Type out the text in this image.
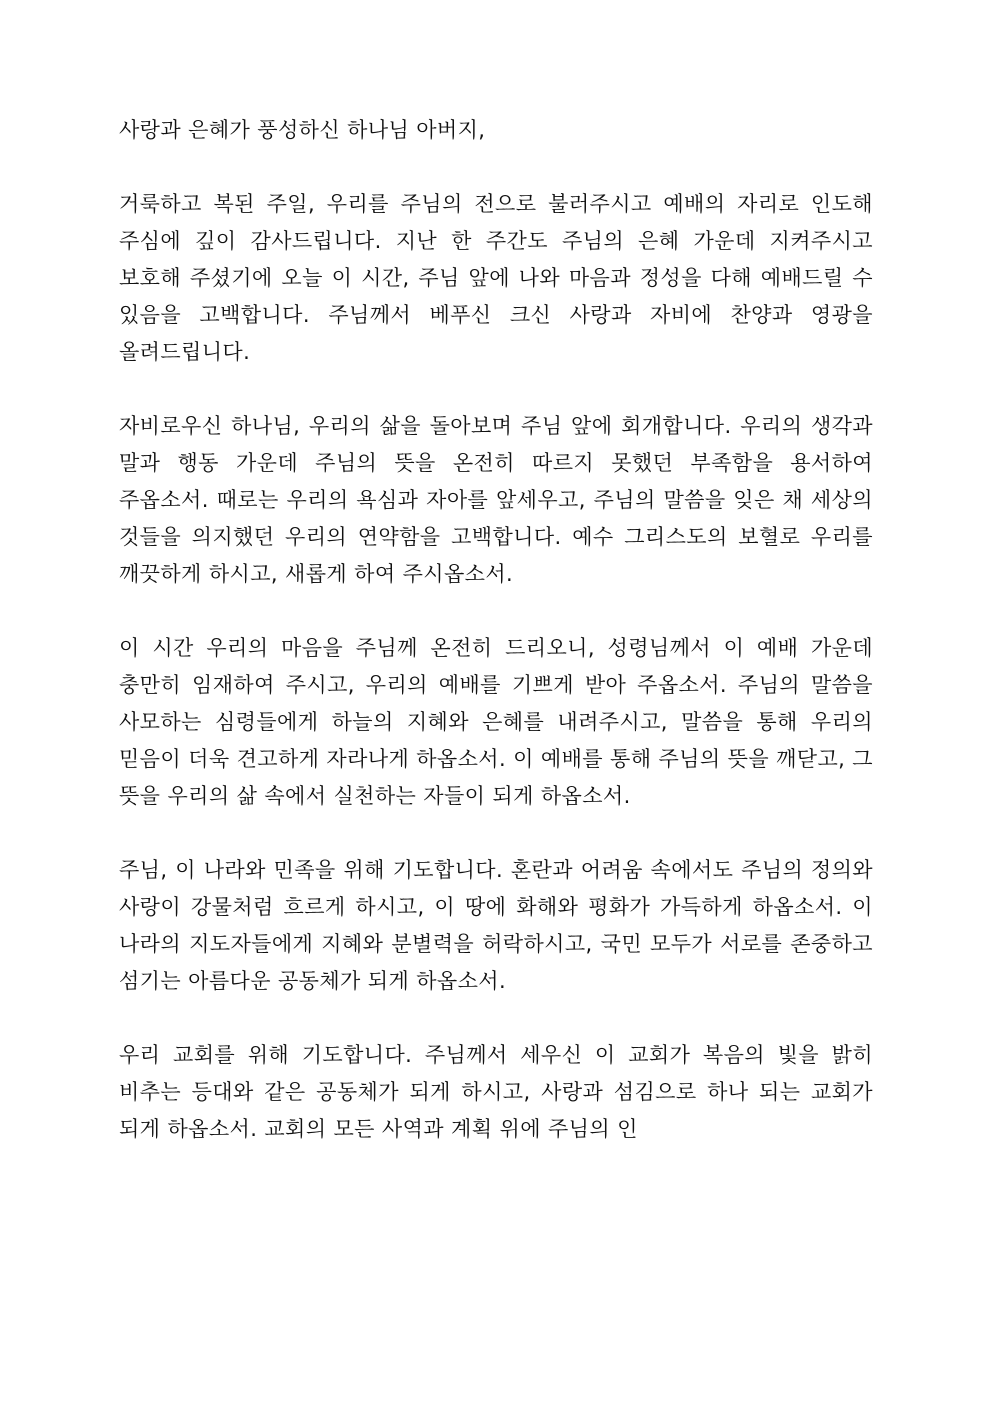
사랑과 은혜가 풍성하신 하나님 아버지,

거룩하고 복된 주일, 우리를 주님의 전으로 불러주시고 예배의 자리로 인도해 주심에 깊이 감사드립니다. 지난 한 주간도 주님의 은혜 가운데 지켜주시고 보호해 주셨기에 오늘 이 시간, 주님 앞에 나와 마음과 정성을 다해 예배드릴 수 있음을 고백합니다. 주님께서 베푸신 크신 사랑과 자비에 찬양과 영광을 올려드립니다.

자비로우신 하나님, 우리의 삶을 돌아보며 주님 앞에 회개합니다. 우리의 생각과 말과 행동 가운데 주님의 뜻을 온전히 따르지 못했던 부족함을 용서하여 주옵소서. 때로는 우리의 욕심과 자아를 앞세우고, 주님의 말씀을 잊은 채 세상의 것들을 의지했던 우리의 연약함을 고백합니다. 예수 그리스도의 보혈로 우리를 깨끗하게 하시고, 새롭게 하여 주시옵소서.

이 시간 우리의 마음을 주님께 온전히 드리오니, 성령님께서 이 예배 가운데 충만히 임재하여 주시고, 우리의 예배를 기쁘게 받아 주옵소서. 주님의 말씀을 사모하는 심령들에게 하늘의 지혜와 은혜를 내려주시고, 말씀을 통해 우리의 믿음이 더욱 견고하게 자라나게 하옵소서. 이 예배를 통해 주님의 뜻을 깨닫고, 그 뜻을 우리의 삶 속에서 실천하는 자들이 되게 하옵소서.

주님, 이 나라와 민족을 위해 기도합니다. 혼란과 어려움 속에서도 주님의 정의와 사랑이 강물처럼 흐르게 하시고, 이 땅에 화해와 평화가 가득하게 하옵소서. 이 나라의 지도자들에게 지혜와 분별력을 허락하시고, 국민 모두가 서로를 존중하고 섬기는 아름다운 공동체가 되게 하옵소서.

우리 교회를 위해 기도합니다. 주님께서 세우신 이 교회가 복음의 빛을 밝히 비추는 등대와 같은 공동체가 되게 하시고, 사랑과 섬김으로 하나 되는 교회가 되게 하옵소서. 교회의 모든 사역과 계획 위에 주님의 인
